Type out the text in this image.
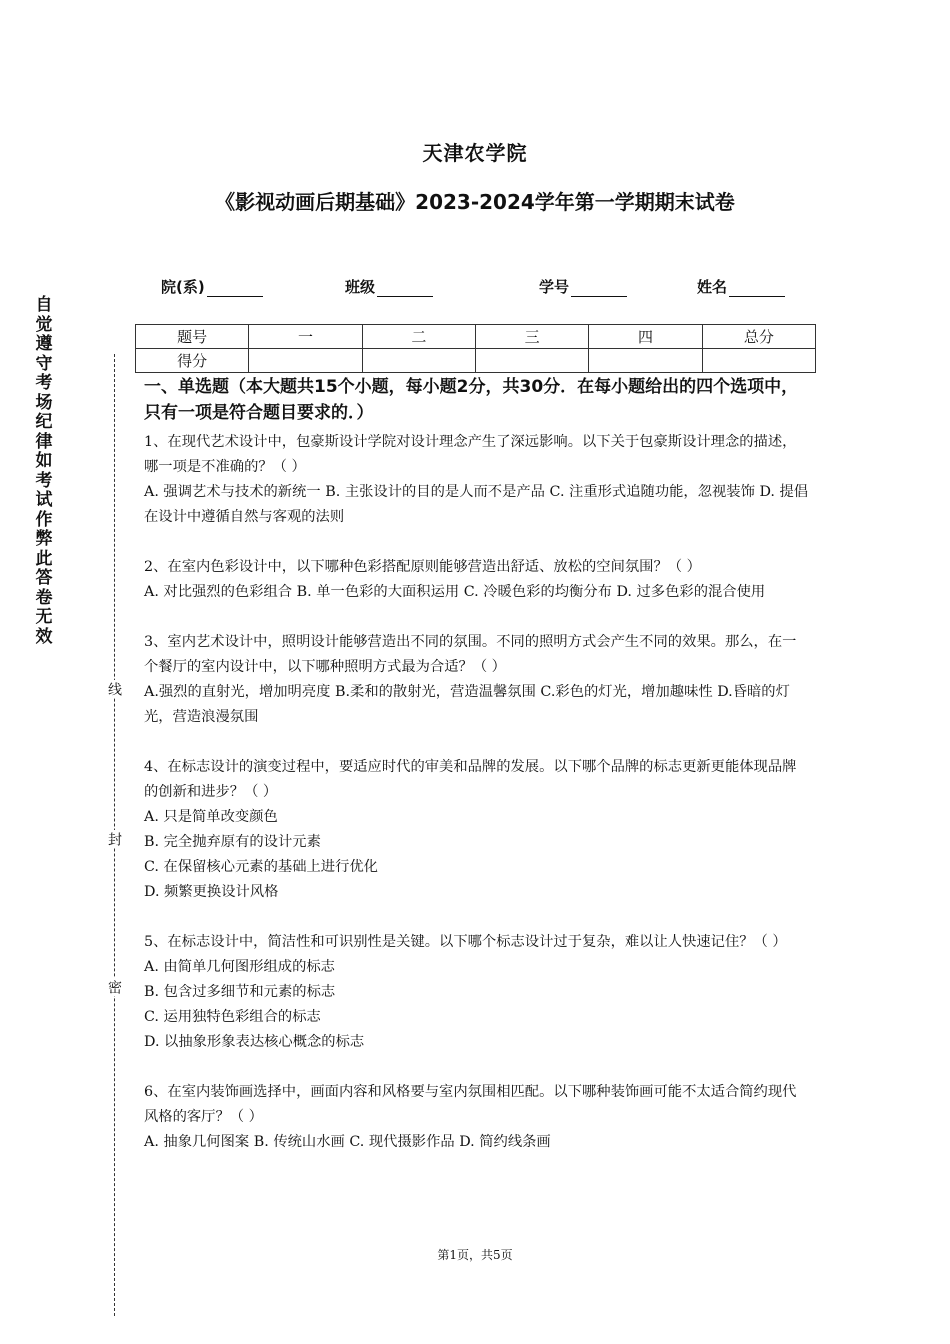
天津农学院
《影视动画后期基础》2023-2024学年第一学期期末试卷
院(系)	班级	学号	姓名
题号	一	二	三	四	总分
得分					
自觉遵守考场纪律如考试作弊此答卷无效
线
封
密

一、单选题（本大题共15个小题，每小题2分，共30分．在每小题给出的四个选项中，只有一项是符合题目要求的．）

1、在现代艺术设计中，包豪斯设计学院对设计理念产生了深远影响。以下关于包豪斯设计理念的描述，哪一项是不准确的？（ ）

A. 强调艺术与技术的新统一 B. 主张设计的目的是人而不是产品 C. 注重形式追随功能，忽视装饰 D. 提倡在设计中遵循自然与客观的法则

2、在室内色彩设计中，以下哪种色彩搭配原则能够营造出舒适、放松的空间氛围？（ ）

A. 对比强烈的色彩组合 B. 单一色彩的大面积运用 C. 冷暖色彩的均衡分布 D. 过多色彩的混合使用

3、室内艺术设计中，照明设计能够营造出不同的氛围。不同的照明方式会产生不同的效果。那么，在一个餐厅的室内设计中，以下哪种照明方式最为合适？（ ）

A.强烈的直射光，增加明亮度 B.柔和的散射光，营造温馨氛围 C.彩色的灯光，增加趣味性 D.昏暗的灯光，营造浪漫氛围

4、在标志设计的演变过程中，要适应时代的审美和品牌的发展。以下哪个品牌的标志更新更能体现品牌的创新和进步？（ ）

A. 只是简单改变颜色

B. 完全抛弃原有的设计元素

C. 在保留核心元素的基础上进行优化

D. 频繁更换设计风格

5、在标志设计中，简洁性和可识别性是关键。以下哪个标志设计过于复杂，难以让人快速记住？（ ）

A. 由简单几何图形组成的标志

B. 包含过多细节和元素的标志

C. 运用独特色彩组合的标志

D. 以抽象形象表达核心概念的标志

6、在室内装饰画选择中，画面内容和风格要与室内氛围相匹配。以下哪种装饰画可能不太适合简约现代风格的客厅？（ ）

A. 抽象几何图案 B. 传统山水画 C. 现代摄影作品 D. 简约线条画

第1页，共5页
